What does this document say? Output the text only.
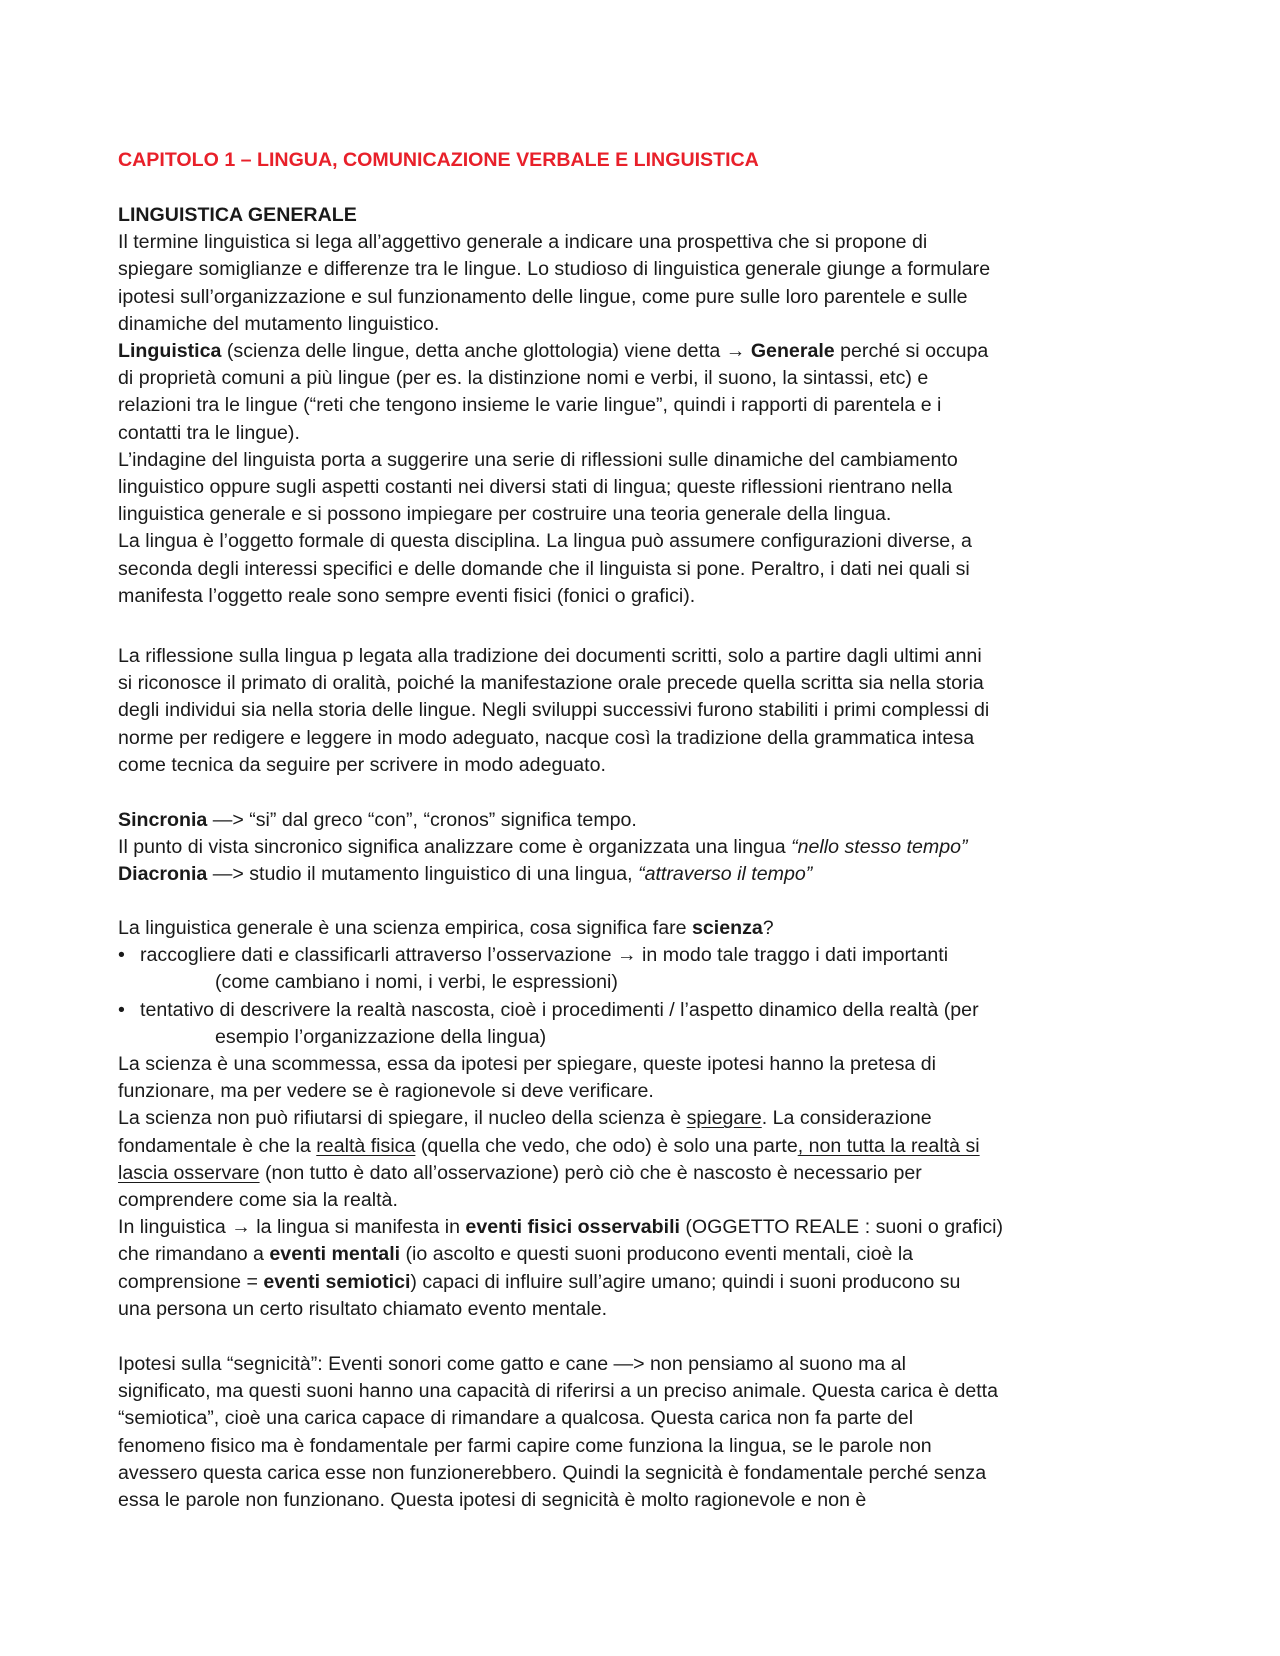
CAPITOLO 1 – LINGUA, COMUNICAZIONE VERBALE E LINGUISTICA
LINGUISTICA GENERALE
Il termine linguistica si lega all’aggettivo generale a indicare una prospettiva che si propone di
spiegare somiglianze e differenze tra le lingue. Lo studioso di linguistica generale giunge a formulare
ipotesi sull’organizzazione e sul funzionamento delle lingue, come pure sulle loro parentele e sulle
dinamiche del mutamento linguistico.
Linguistica (scienza delle lingue, detta anche glottologia) viene detta → Generale perché si occupa
di proprietà comuni a più lingue (per es. la distinzione nomi e verbi, il suono, la sintassi, etc) e
relazioni tra le lingue (“reti che tengono insieme le varie lingue”, quindi i rapporti di parentela e i
contatti tra le lingue).
L’indagine del linguista porta a suggerire una serie di riflessioni sulle dinamiche del cambiamento
linguistico oppure sugli aspetti costanti nei diversi stati di lingua; queste riflessioni rientrano nella
linguistica generale e si possono impiegare per costruire una teoria generale della lingua.
La lingua è l’oggetto formale di questa disciplina. La lingua può assumere configurazioni diverse, a
seconda degli interessi specifici e delle domande che il linguista si pone. Peraltro, i dati nei quali si
manifesta l’oggetto reale sono sempre eventi fisici (fonici o grafici).
La riflessione sulla lingua p legata alla tradizione dei documenti scritti, solo a partire dagli ultimi anni
si riconosce il primato di oralità, poiché la manifestazione orale precede quella scritta sia nella storia
degli individui sia nella storia delle lingue. Negli sviluppi successivi furono stabiliti i primi complessi di
norme per redigere e leggere in modo adeguato, nacque così la tradizione della grammatica intesa
come tecnica da seguire per scrivere in modo adeguato.
Sincronia —> “si” dal greco “con”, “cronos” significa tempo.
Il punto di vista sincronico significa analizzare come è organizzata una lingua “nello stesso tempo”
Diacronia —> studio il mutamento linguistico di una lingua, “attraverso il tempo”
La linguistica generale è una scienza empirica, cosa significa fare scienza?
• raccogliere dati e classificarli attraverso l’osservazione → in modo tale traggo i dati importanti
(come cambiano i nomi, i verbi, le espressioni)
• tentativo di descrivere la realtà nascosta, cioè i procedimenti / l’aspetto dinamico della realtà (per
esempio l’organizzazione della lingua)
La scienza è una scommessa, essa da ipotesi per spiegare, queste ipotesi hanno la pretesa di
funzionare, ma per vedere se è ragionevole si deve verificare.
La scienza non può rifiutarsi di spiegare, il nucleo della scienza è spiegare. La considerazione
fondamentale è che la realtà fisica (quella che vedo, che odo) è solo una parte, non tutta la realtà si
lascia osservare (non tutto è dato all’osservazione) però ciò che è nascosto è necessario per
comprendere come sia la realtà.
In linguistica → la lingua si manifesta in eventi fisici osservabili (OGGETTO REALE : suoni o grafici)
che rimandano a eventi mentali (io ascolto e questi suoni producono eventi mentali, cioè la
comprensione = eventi semiotici) capaci di influire sull’agire umano; quindi i suoni producono su
una persona un certo risultato chiamato evento mentale.
Ipotesi sulla “segnicità”: Eventi sonori come gatto e cane —> non pensiamo al suono ma al
significato, ma questi suoni hanno una capacità di riferirsi a un preciso animale. Questa carica è detta
“semiotica”, cioè una carica capace di rimandare a qualcosa. Questa carica non fa parte del
fenomeno fisico ma è fondamentale per farmi capire come funziona la lingua, se le parole non
avessero questa carica esse non funzionerebbero. Quindi la segnicità è fondamentale perché senza
essa le parole non funzionano. Questa ipotesi di segnicità è molto ragionevole e non è
